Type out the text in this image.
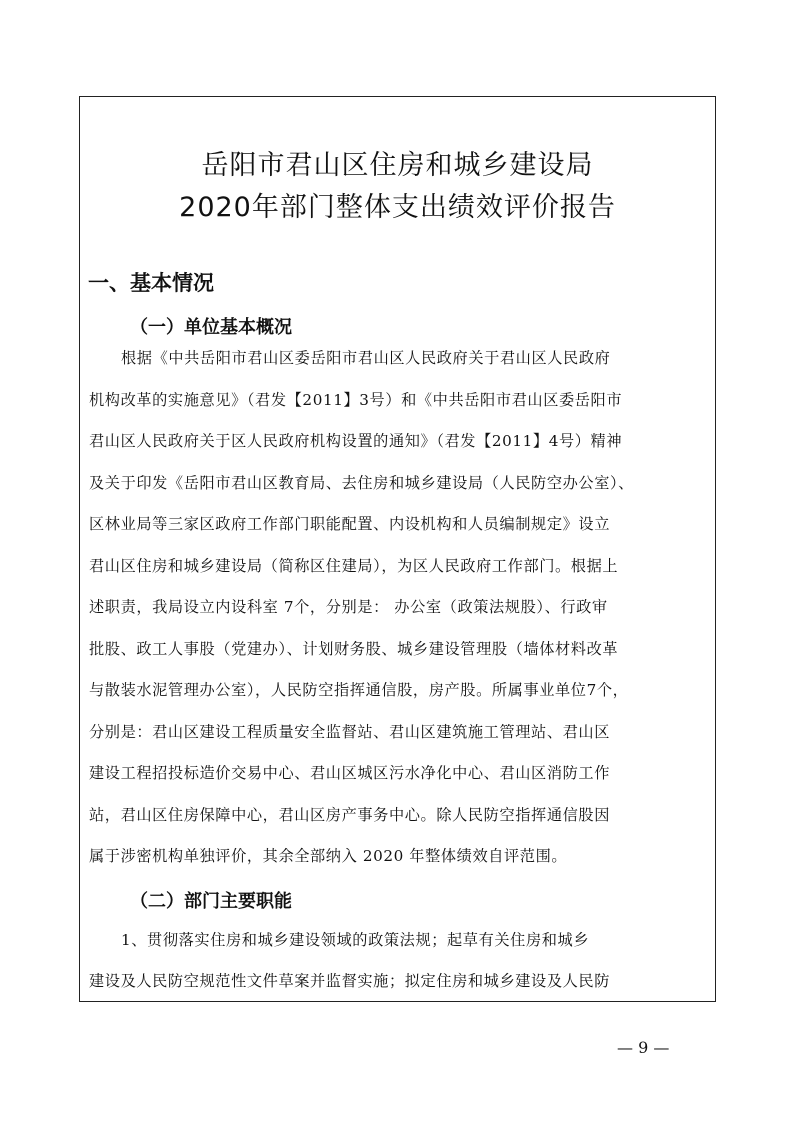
岳阳市君山区住房和城乡建设局
2020年部门整体支出绩效评价报告
一、基本情况
（一）单位基本概况
根据《中共岳阳市君山区委岳阳市君山区人民政府关于君山区人民政府
机构改革的实施意见》（君发【2011】3号）和《中共岳阳市君山区委岳阳市
君山区人民政府关于区人民政府机构设置的通知》（君发【2011】4号）精神
及关于印发《岳阳市君山区教育局、去住房和城乡建设局（人民防空办公室）、
区林业局等三家区政府工作部门职能配置、内设机构和人员编制规定》设立
君山区住房和城乡建设局（简称区住建局），为区人民政府工作部门。根据上
述职责，我局设立内设科室 7个，分别是： 办公室（政策法规股）、行政审
批股、政工人事股（党建办）、计划财务股、城乡建设管理股（墙体材料改革
与散装水泥管理办公室），人民防空指挥通信股，房产股。所属事业单位7个，
分别是：君山区建设工程质量安全监督站、君山区建筑施工管理站、君山区
建设工程招投标造价交易中心、君山区城区污水净化中心、君山区消防工作
站，君山区住房保障中心，君山区房产事务中心。除人民防空指挥通信股因
属于涉密机构单独评价，其余全部纳入 2020 年整体绩效自评范围。
（二）部门主要职能
1、贯彻落实住房和城乡建设领域的政策法规；起草有关住房和城乡
建设及人民防空规范性文件草案并监督实施；拟定住房和城乡建设及人民防
— 9 —
